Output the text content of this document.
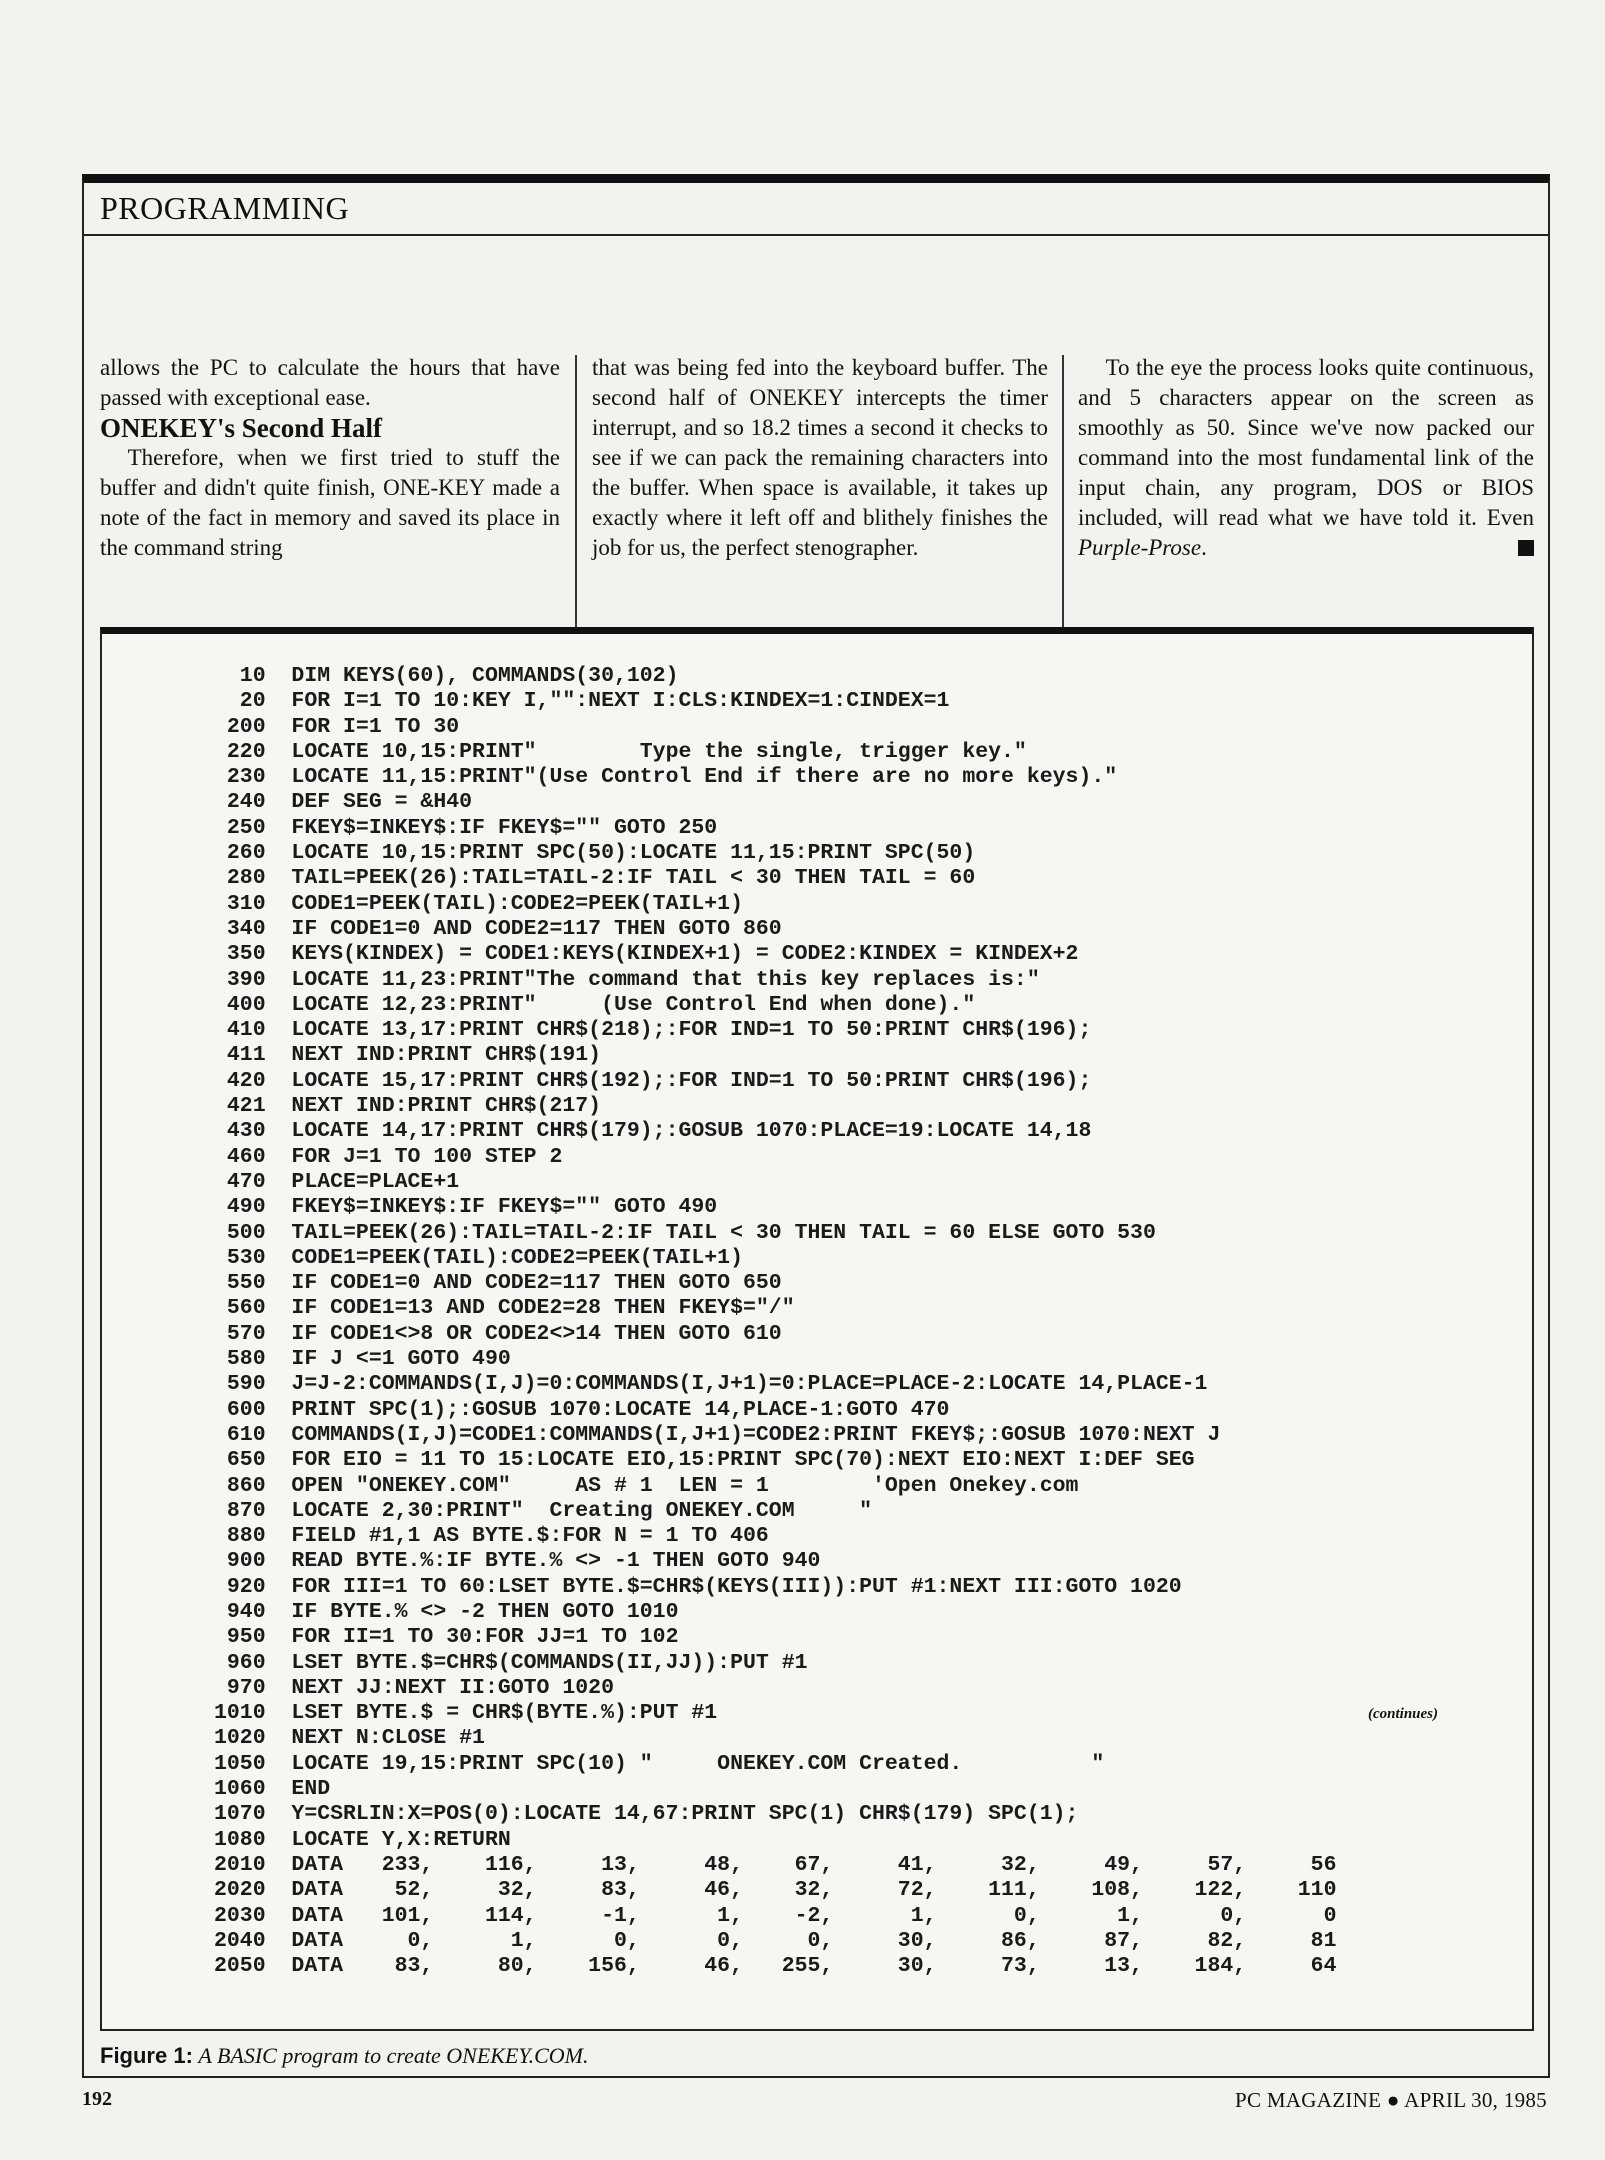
PROGRAMMING

allows the PC to calculate the hours that have passed with exceptional ease.

ONEKEY's Second Half

Therefore, when we first tried to stuff the buffer and didn't quite finish, ONE-KEY made a note of the fact in memory and saved its place in the command string

that was being fed into the keyboard buffer. The second half of ONEKEY intercepts the timer interrupt, and so 18.2 times a second it checks to see if we can pack the remaining characters into the buffer. When space is available, it takes up exactly where it left off and blithely finishes the job for us, the perfect stenographer.

To the eye the process looks quite continuous, and 5 characters appear on the screen as smoothly as 50. Since we've now packed our command into the most fundamental link of the input chain, any program, DOS or BIOS included, will read what we have told it. Even Purple-Prose.

10  DIM KEYS(60), COMMANDS(30,102)
20  FOR I=1 TO 10:KEY I,"":NEXT I:CLS:KINDEX=1:CINDEX=1
200  FOR I=1 TO 30
220  LOCATE 10,15:PRINT"        Type the single, trigger key."
230  LOCATE 11,15:PRINT"(Use Control End if there are no more keys)."
240  DEF SEG = &H40
250  FKEY$=INKEY$:IF FKEY$="" GOTO 250
260  LOCATE 10,15:PRINT SPC(50):LOCATE 11,15:PRINT SPC(50)
280  TAIL=PEEK(26):TAIL=TAIL-2:IF TAIL < 30 THEN TAIL = 60
310  CODE1=PEEK(TAIL):CODE2=PEEK(TAIL+1)
340  IF CODE1=0 AND CODE2=117 THEN GOTO 860
350  KEYS(KINDEX) = CODE1:KEYS(KINDEX+1) = CODE2:KINDEX = KINDEX+2
390  LOCATE 11,23:PRINT"The command that this key replaces is:"
400  LOCATE 12,23:PRINT"     (Use Control End when done)."
410  LOCATE 13,17:PRINT CHR$(218);:FOR IND=1 TO 50:PRINT CHR$(196);
411  NEXT IND:PRINT CHR$(191)
420  LOCATE 15,17:PRINT CHR$(192);:FOR IND=1 TO 50:PRINT CHR$(196);
421  NEXT IND:PRINT CHR$(217)
430  LOCATE 14,17:PRINT CHR$(179);:GOSUB 1070:PLACE=19:LOCATE 14,18
460  FOR J=1 TO 100 STEP 2
470  PLACE=PLACE+1
490  FKEY$=INKEY$:IF FKEY$="" GOTO 490
500  TAIL=PEEK(26):TAIL=TAIL-2:IF TAIL < 30 THEN TAIL = 60 ELSE GOTO 530
530  CODE1=PEEK(TAIL):CODE2=PEEK(TAIL+1)
550  IF CODE1=0 AND CODE2=117 THEN GOTO 650
560  IF CODE1=13 AND CODE2=28 THEN FKEY$="/"
570  IF CODE1<>8 OR CODE2<>14 THEN GOTO 610
580  IF J <=1 GOTO 490
590  J=J-2:COMMANDS(I,J)=0:COMMANDS(I,J+1)=0:PLACE=PLACE-2:LOCATE 14,PLACE-1
600  PRINT SPC(1);:GOSUB 1070:LOCATE 14,PLACE-1:GOTO 470
610  COMMANDS(I,J)=CODE1:COMMANDS(I,J+1)=CODE2:PRINT FKEY$;:GOSUB 1070:NEXT J
650  FOR EIO = 11 TO 15:LOCATE EIO,15:PRINT SPC(70):NEXT EIO:NEXT I:DEF SEG
860  OPEN "ONEKEY.COM"     AS # 1  LEN = 1        'Open Onekey.com
870  LOCATE 2,30:PRINT"  Creating ONEKEY.COM     "
880  FIELD #1,1 AS BYTE.$:FOR N = 1 TO 406
900  READ BYTE.%:IF BYTE.% <> -1 THEN GOTO 940
920  FOR III=1 TO 60:LSET BYTE.$=CHR$(KEYS(III)):PUT #1:NEXT III:GOTO 1020
940  IF BYTE.% <> -2 THEN GOTO 1010
950  FOR II=1 TO 30:FOR JJ=1 TO 102
960  LSET BYTE.$=CHR$(COMMANDS(II,JJ)):PUT #1
970  NEXT JJ:NEXT II:GOTO 1020
1010  LSET BYTE.$ = CHR$(BYTE.%):PUT #1
1020  NEXT N:CLOSE #1
1050  LOCATE 19,15:PRINT SPC(10) "     ONEKEY.COM Created.          "
1060  END
1070  Y=CSRLIN:X=POS(0):LOCATE 14,67:PRINT SPC(1) CHR$(179) SPC(1);
1080  LOCATE Y,X:RETURN
2010  DATA   233,    116,     13,     48,    67,     41,     32,     49,     57,     56
2020  DATA    52,     32,     83,     46,    32,     72,    111,    108,    122,    110
2030  DATA   101,    114,     -1,      1,    -2,      1,      0,      1,      0,      0
2040  DATA     0,      1,      0,      0,     0,     30,     86,     87,     82,     81
2050  DATA    83,     80,    156,     46,   255,     30,     73,     13,    184,     64
(continues)
Figure 1: A BASIC program to create ONEKEY.COM.
192	PC MAGAZINE ● APRIL 30, 1985
